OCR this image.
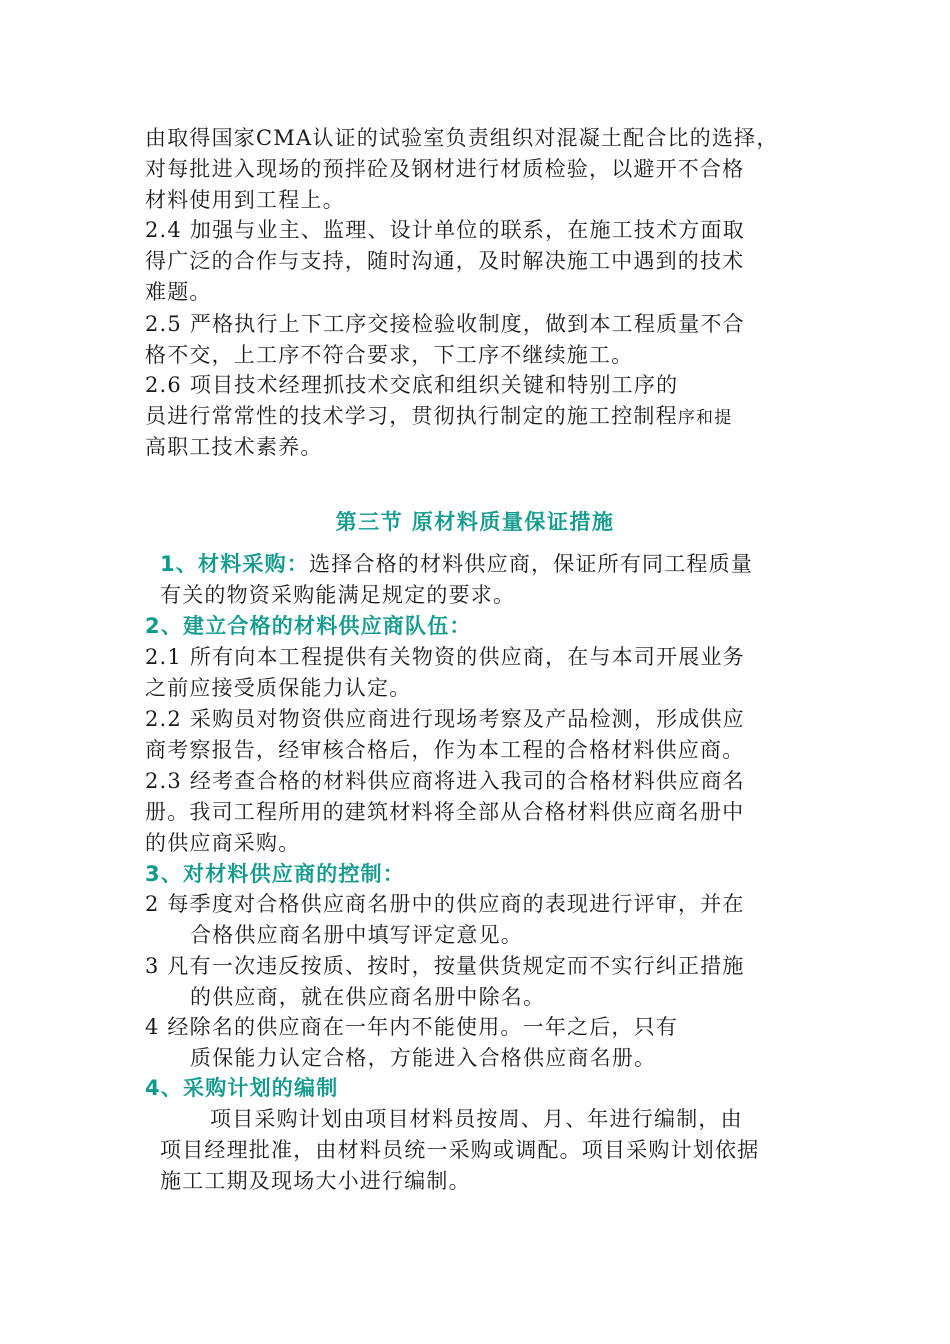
由取得国家CMA认证的试验室负责组织对混凝土配合比的选择，
对每批进入现场的预拌砼及钢材进行材质检验，以避开不合格
材料使用到工程上。
2.4 加强与业主、监理、设计单位的联系，在施工技术方面取
得广泛的合作与支持，随时沟通，及时解决施工中遇到的技术
难题。
2.5 严格执行上下工序交接检验收制度，做到本工程质量不合
格不交，上工序不符合要求，下工序不继续施工。
2.6 项目技术经理抓技术交底和组织关键和特别工序的
员进行常常性的技术学习，贯彻执行制定的施工控制程序和提
高职工技术素养。
第三节 原材料质量保证措施
1、材料采购：选择合格的材料供应商，保证所有同工程质量
有关的物资采购能满足规定的要求。
2、建立合格的材料供应商队伍：
2.1 所有向本工程提供有关物资的供应商，在与本司开展业务
之前应接受质保能力认定。
2.2 采购员对物资供应商进行现场考察及产品检测，形成供应
商考察报告，经审核合格后，作为本工程的合格材料供应商。
2.3 经考查合格的材料供应商将进入我司的合格材料供应商名
册。我司工程所用的建筑材料将全部从合格材料供应商名册中
的供应商采购。
3、对材料供应商的控制：
2 每季度对合格供应商名册中的供应商的表现进行评审，并在
合格供应商名册中填写评定意见。
3 凡有一次违反按质、按时，按量供货规定而不实行纠正措施
的供应商，就在供应商名册中除名。
4 经除名的供应商在一年内不能使用。一年之后，只有
质保能力认定合格，方能进入合格供应商名册。
4、采购计划的编制
项目采购计划由项目材料员按周、月、年进行编制，由
项目经理批准，由材料员统一采购或调配。项目采购计划依据
施工工期及现场大小进行编制。
